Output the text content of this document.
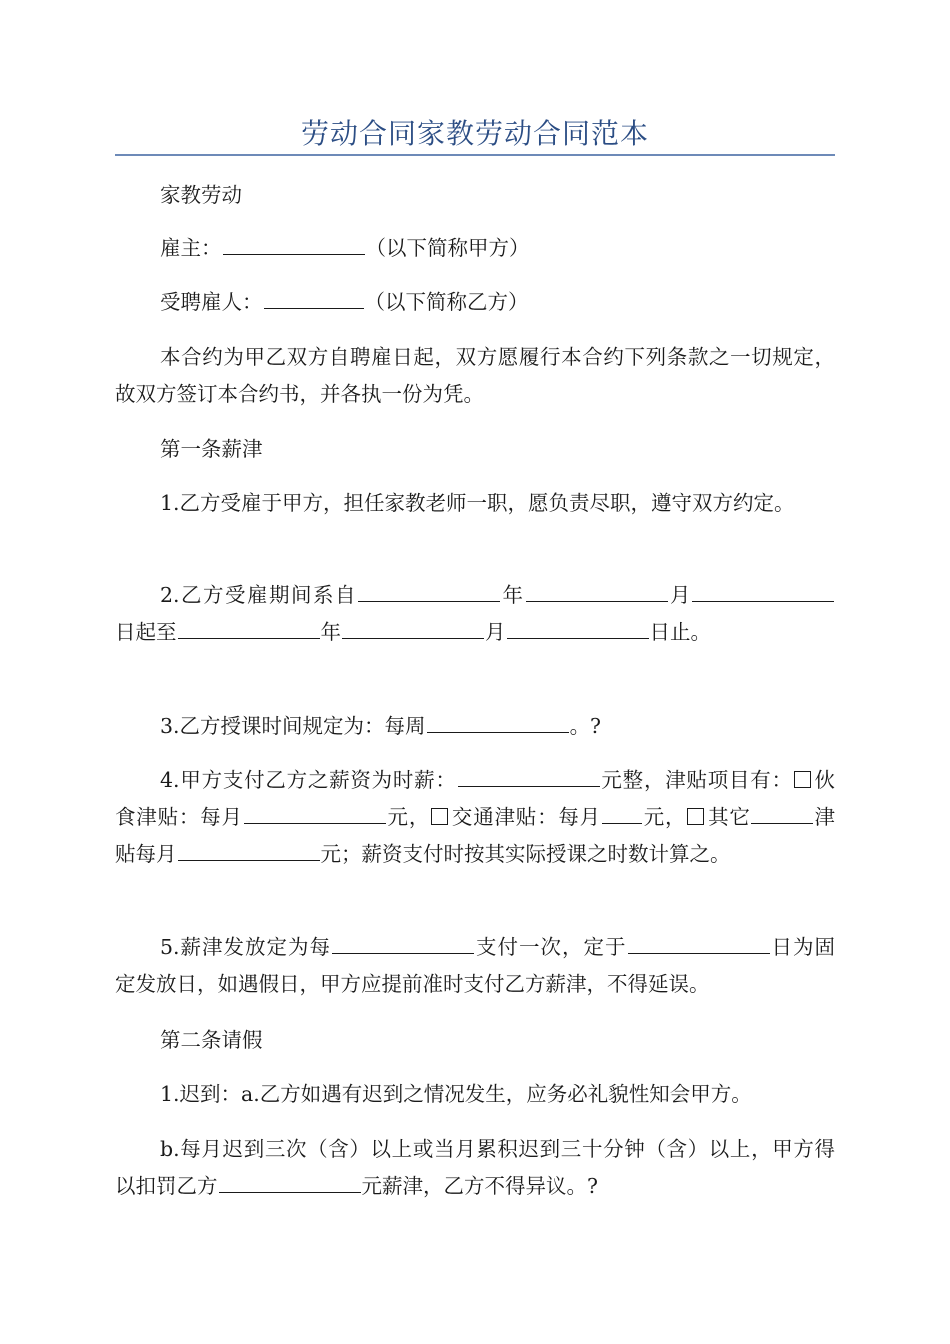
劳动合同家教劳动合同范本

家教劳动

雇主：	（以下简称甲方）

受聘雇人：	（以下简称乙方）

本合约为甲乙双方自聘雇日起，双方愿履行本合约下列条款之一切规定，故双方签订本合约书，并各执一份为凭。

第一条薪津

1.乙方受雇于甲方，担任家教老师一职，愿负责尽职，遵守双方约定。

2.乙方受雇期间系自	年	月日起至	年	月	日止。

3.乙方授课时间规定为：每周	。?

4.甲方支付乙方之薪资为时薪：	元整，津贴项目有： 伙食津贴：每月	元， 交通津贴：每月 元， 其它	津贴每月	元；薪资支付时按其实际授课之时数计算之。

5.薪津发放定为每	支付一次，定于	日为固定发放日，如遇假日，甲方应提前准时支付乙方薪津，不得延误。

第二条请假

1.迟到：a.乙方如遇有迟到之情况发生，应务必礼貌性知会甲方。

b.每月迟到三次（含）以上或当月累积迟到三十分钟（含）以上，甲方得以扣罚乙方	元薪津，乙方不得异议。?
